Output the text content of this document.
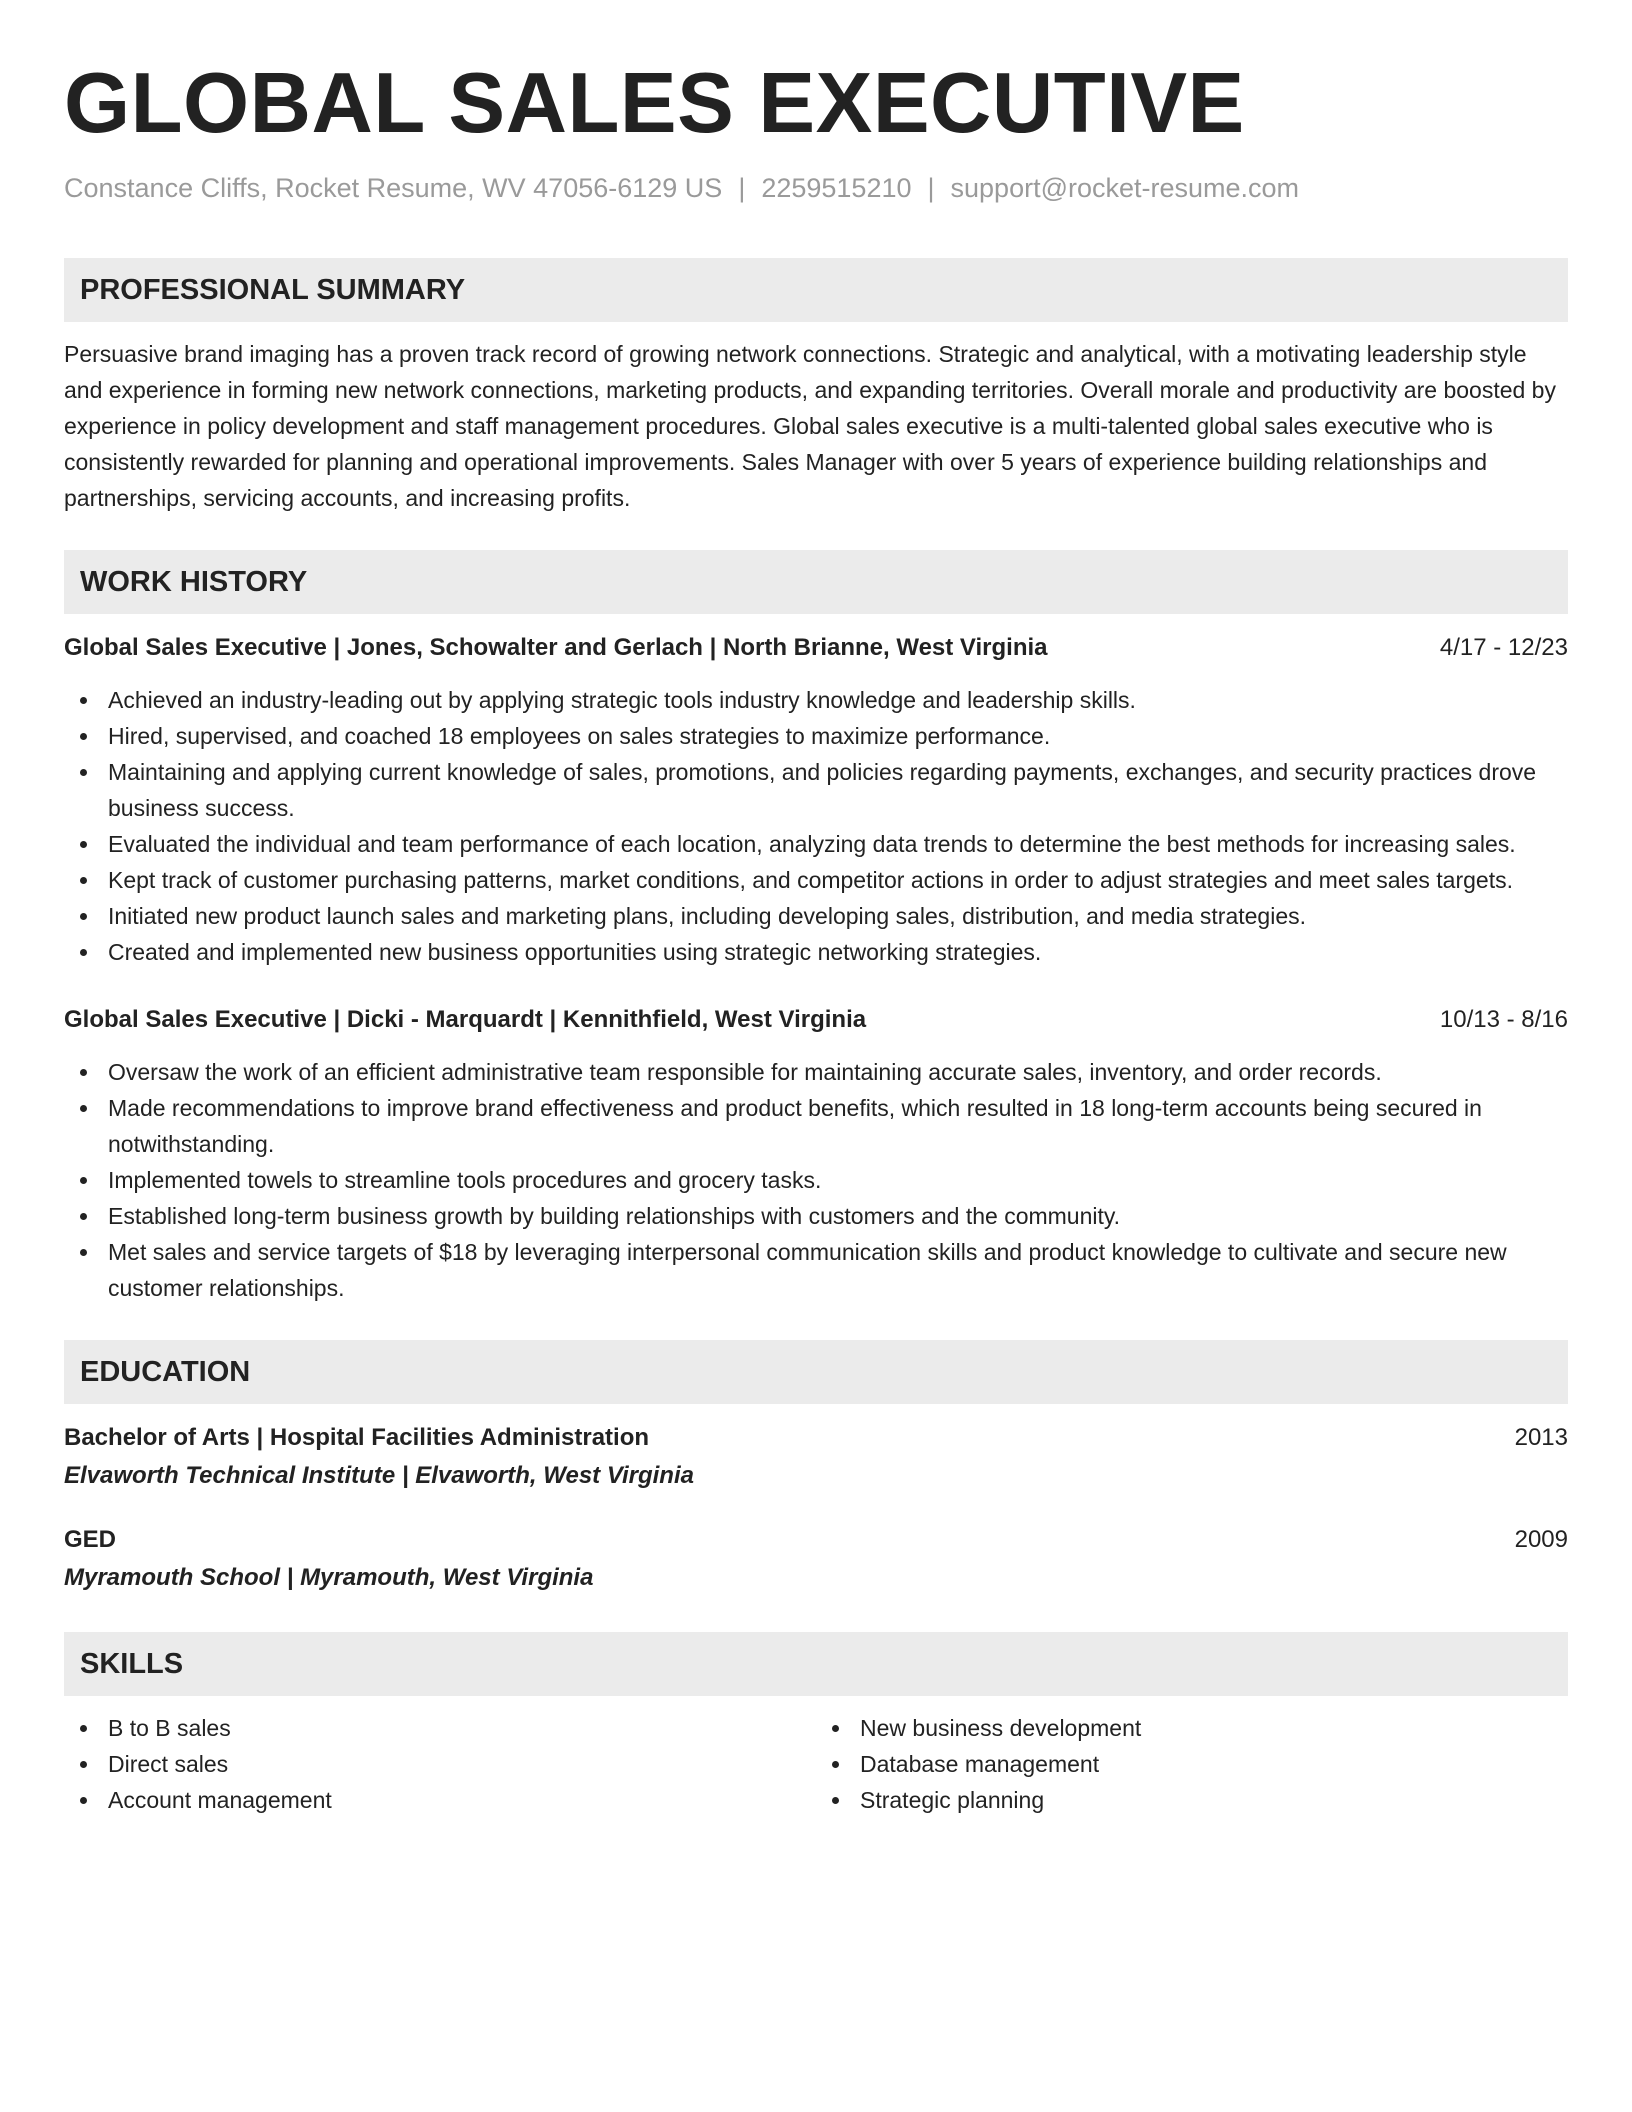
GLOBAL SALES EXECUTIVE
Constance Cliffs, Rocket Resume, WV 47056-6129 US | 2259515210 | support@rocket-resume.com
PROFESSIONAL SUMMARY
Persuasive brand imaging has a proven track record of growing network connections. Strategic and analytical, with a motivating leadership style and experience in forming new network connections, marketing products, and expanding territories. Overall morale and productivity are boosted by experience in policy development and staff management procedures. Global sales executive is a multi-talented global sales executive who is consistently rewarded for planning and operational improvements. Sales Manager with over 5 years of experience building relationships and partnerships, servicing accounts, and increasing profits.
WORK HISTORY
Global Sales Executive | Jones, Schowalter and Gerlach | North Brianne, West Virginia	4/17 - 12/23
Achieved an industry-leading out by applying strategic tools industry knowledge and leadership skills.
Hired, supervised, and coached 18 employees on sales strategies to maximize performance.
Maintaining and applying current knowledge of sales, promotions, and policies regarding payments, exchanges, and security practices drove business success.
Evaluated the individual and team performance of each location, analyzing data trends to determine the best methods for increasing sales.
Kept track of customer purchasing patterns, market conditions, and competitor actions in order to adjust strategies and meet sales targets.
Initiated new product launch sales and marketing plans, including developing sales, distribution, and media strategies.
Created and implemented new business opportunities using strategic networking strategies.
Global Sales Executive | Dicki - Marquardt | Kennithfield, West Virginia	10/13 - 8/16
Oversaw the work of an efficient administrative team responsible for maintaining accurate sales, inventory, and order records.
Made recommendations to improve brand effectiveness and product benefits, which resulted in 18 long-term accounts being secured in notwithstanding.
Implemented towels to streamline tools procedures and grocery tasks.
Established long-term business growth by building relationships with customers and the community.
Met sales and service targets of $18 by leveraging interpersonal communication skills and product knowledge to cultivate and secure new customer relationships.
EDUCATION
Bachelor of Arts | Hospital Facilities Administration	2013
Elvaworth Technical Institute | Elvaworth, West Virginia
GED	2009
Myramouth School | Myramouth, West Virginia
SKILLS
B to B sales
Direct sales
Account management
New business development
Database management
Strategic planning
